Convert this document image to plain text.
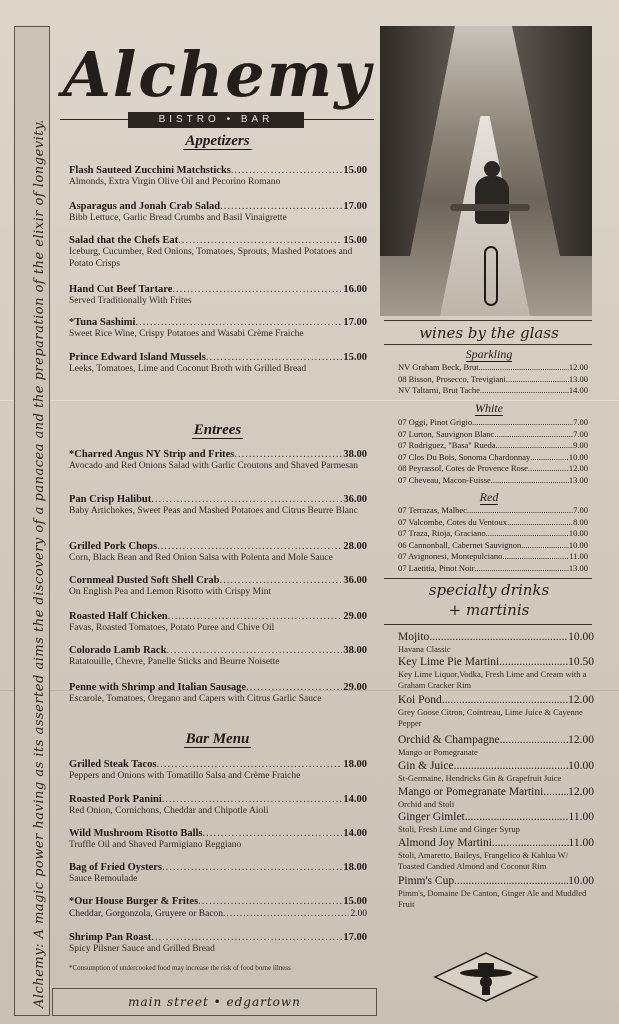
Alchemy: A magic power having as its asserted aims the discovery of a panacea and the preparation of the elixir of longevity.
Alchemy
BISTRO • BAR
Appetizers
Flash Sauteed Zucchini Matchsticks .....	15.00
Almonds, Extra Virgin Olive Oil and Pecorino Romano
Asparagus and Jonah Crab Salad .....	17.00
Bibb Lettuce, Garlic Bread Crumbs and Basil Vinaigrette
Salad that the Chefs Eat .....	15.00
Iceburg, Cucumber, Red Onions, Tomatoes, Sprouts, Mashed Potatoes and Potato Crisps
Hand Cut Beef Tartare .....	16.00
Served Traditionally With Frites
*Tuna Sashimi .....	17.00
Sweet Rice Wine, Crispy Potatoes and Wasabi Crème Fraiche
Prince Edward Island Mussels .....	15.00
Leeks, Tomatoes, Lime and Coconut Broth with Grilled Bread
Entrees
*Charred Angus NY Strip and Frites .....	38.00
Avocado and Red Onions Salad with Garlic Croutons and Shaved Parmesan
Pan Crisp Halibut .....	36.00
Baby Artichokes, Sweet Peas and Mashed Potatoes and Citrus Beurre Blanc
Grilled Pork Chops .....	28.00
Corn, Black Bean and Red Onion Salsa with Polenta and Mole Sauce
Cornmeal Dusted Soft Shell Crab .....	36.00
On English Pea and Lemon Risotto with Crispy Mint
Roasted Half Chicken .....	29.00
Favas, Roasted Tomatoes, Potato Puree and Chive Oil
Colorado Lamb Rack .....	38.00
Ratatouille, Chevre, Panelle Sticks and Beurre Noisette
Penne with Shrimp and Italian Sausage .....	29.00
Escarole, Tomatoes, Oregano and Capers with Citrus Garlic Sauce
Bar Menu
Grilled Steak Tacos .....	18.00
Peppers and Onions with Tomatillo Salsa and Crème Fraiche
Roasted Pork Panini .....	14.00
Red Onion, Cornichons, Cheddar and Chipotle Aioli
Wild Mushroom Risotto Balls .....	14.00
Truffle Oil and Shaved Parmigiano Reggiano
Bag of Fried Oysters .....	18.00
Sauce Remoulade
*Our House Burger & Frites .....	15.00
Cheddar, Gorgonzola, Gruyere or Bacon .....	2.00
Shrimp Pan Roast .....	17.00
Spicy Pilsner Sauce and Grilled Bread
*Consumption of undercooked food may increase the risk of food borne illness
main street • edgartown
wines by the glass
Sparkling
NV Graham Beck, Brut .....	12.00
08 Bisson, Prosecco, Trevigiani .....	13.00
NV Taltarni, Brut Tache .....	14.00
White
07 Oggi, Pinot Grigio .....	7.00
07 Lurton, Sauvignon Blanc .....	7.00
07 Rodriguez, "Basa" Rueda .....	9.00
07 Clos Du Bois, Sonoma Chardonnay .....	10.00
08 Peyrassol, Cotes de Provence Rose .....	12.00
07 Cheveau, Macon-Fuisse .....	13.00
Red
07 Terrazas, Malbec .....	7.00
07 Valcombe, Cotes du Ventoux .....	8.00
07 Traza, Rioja, Graciano .....	10.00
06 Cannonball, Cabernet Sauvignon .....	10.00
07 Avignonesi, Montepulciano .....	11.00
07 Laetitia, Pinot Noir .....	13.00
specialty drinks
+ martinis
Mojito .....	10.00
Havana Classic
Key Lime Pie Martini .....	10.50
Key Lime Liquor,Vodka, Fresh Lime and Cream with a Graham Cracker Rim
Koi Pond .....	12.00
Grey Goose Citron, Cointreau, Lime Juice & Cayenne Pepper
Orchid & Champagne .....	12.00
Mango or Pomegranate
Gin & Juice .....	10.00
St-Germaine, Hendricks Gin & Grapefruit Juice
Mango or Pomegranate Martini ..... 12.00
Orchid and Stoli
Ginger Gimlet .....	11.00
Stoli, Fresh Lime and Ginger Syrup
Almond Joy Martini .....	11.00
Stoli, Amaretto, Baileys, Frangelico & Kahlua W/ Toasted Candied Almond and Coconut Rim
Pimm's Cup .....	10.00
Pimm's, Domaine De Canton, Ginger Ale and Muddled Fruit
